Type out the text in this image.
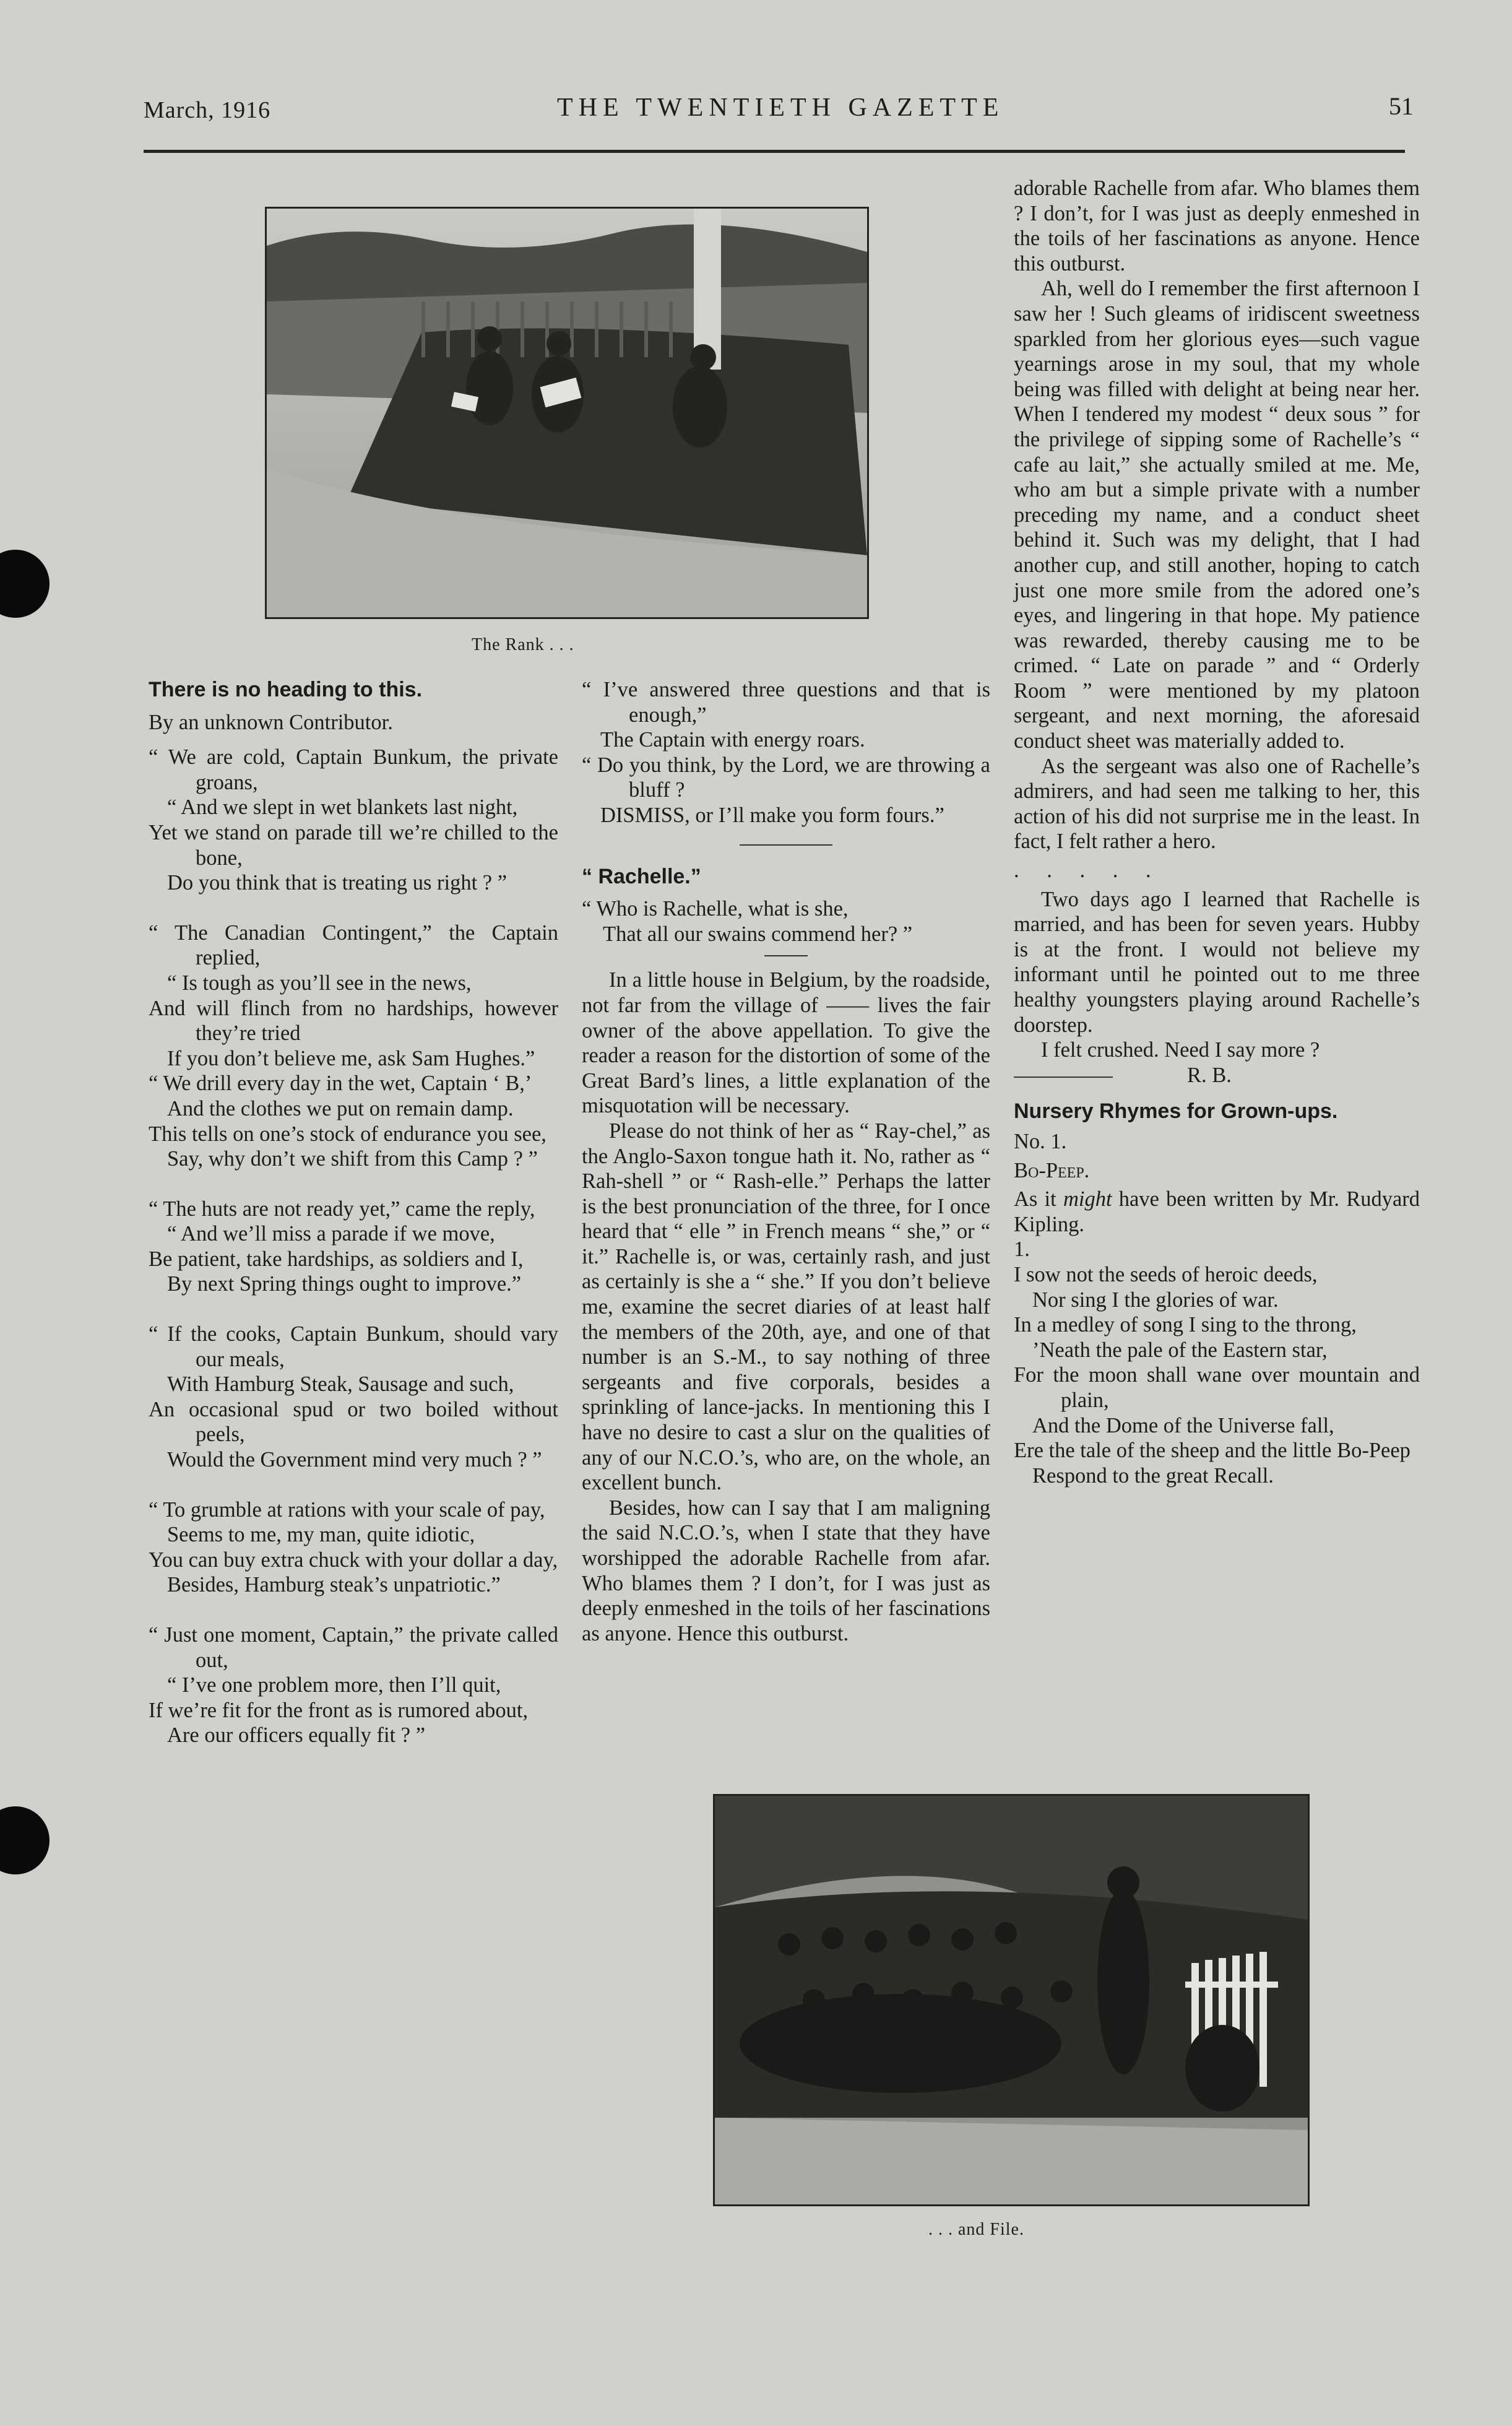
March, 1916	THE TWENTIETH GAZETTE	51
The Rank . . .

There is no heading to this.

By an unknown Contributor.

“ We are cold, Captain Bunkum, the private groans,

“ And we slept in wet blankets last night,

Yet we stand on parade till we’re chilled to the bone,

Do you think that is treating us right ? ”

“ The Canadian Contingent,” the Captain replied,

“ Is tough as you’ll see in the news,

And will flinch from no hardships, however they’re tried

If you don’t believe me, ask Sam Hughes.”

“ We drill every day in the wet, Captain ‘ B,’

And the clothes we put on remain damp.

This tells on one’s stock of endurance you see,

Say, why don’t we shift from this Camp ? ”

“ The huts are not ready yet,” came the reply,

“ And we’ll miss a parade if we move,

Be patient, take hardships, as soldiers and I,

By next Spring things ought to improve.”

“ If the cooks, Captain Bunkum, should vary our meals,

With Hamburg Steak, Sausage and such,

An occasional spud or two boiled without peels,

Would the Government mind very much ? ”

“ To grumble at rations with your scale of pay,

Seems to me, my man, quite idiotic,

You can buy extra chuck with your dollar a day,

Besides, Hamburg steak’s unpatriotic.”

“ Just one moment, Captain,” the private called out,

“ I’ve one problem more, then I’ll quit,

If we’re fit for the front as is rumored about,

Are our officers equally fit ? ”

“ I’ve answered three questions and that is enough,”

The Captain with energy roars.

“ Do you think, by the Lord, we are throwing a bluff ?

DISMISS, or I’ll make you form fours.”

“ Rachelle.”

“ Who is Rachelle, what is she,

That all our swains commend her? ”

In a little house in Belgium, by the roadside, not far from the village of —— lives the fair owner of the above appellation. To give the reader a reason for the distortion of some of the Great Bard’s lines, a little explanation of the misquotation will be necessary.

Please do not think of her as “ Ray-chel,” as the Anglo-Saxon tongue hath it. No, rather as “ Rah-shell ” or “ Rash-elle.” Perhaps the latter is the best pronunciation of the three, for I once heard that “ elle ” in French means “ she,” or “ it.” Rachelle is, or was, certainly rash, and just as certainly is she a “ she.” If you don’t believe me, examine the secret diaries of at least half the members of the 20th, aye, and one of that number is an S.-M., to say nothing of three sergeants and five corporals, besides a sprinkling of lance-jacks. In mentioning this I have no desire to cast a slur on the qualities of any of our N.C.O.’s, who are, on the whole, an excellent bunch.

Besides, how can I say that I am maligning the said N.C.O.’s, when I state that they have worshipped the adorable Rachelle from afar. Who blames them ? I don’t, for I was just as deeply enmeshed in the toils of her fascinations as anyone. Hence this outburst.

adorable Rachelle from afar. Who blames them ? I don’t, for I was just as deeply enmeshed in the toils of her fascinations as anyone. Hence this outburst.

Ah, well do I remember the first afternoon I saw her ! Such gleams of iridiscent sweetness sparkled from her glorious eyes—such vague yearnings arose in my soul, that my whole being was filled with delight at being near her. When I tendered my modest “ deux sous ” for the privilege of sipping some of Rachelle’s “ cafe au lait,” she actually smiled at me. Me, who am but a simple private with a number preceding my name, and a conduct sheet behind it. Such was my delight, that I had another cup, and still another, hoping to catch just one more smile from the adored one’s eyes, and lingering in that hope. My patience was rewarded, thereby causing me to be crimed. “ Late on parade ” and “ Orderly Room ” were mentioned by my platoon sergeant, and next morning, the aforesaid conduct sheet was materially added to.

As the sergeant was also one of Rachelle’s admirers, and had seen me talking to her, this action of his did not surprise me in the least. In fact, I felt rather a hero.

. . . . .

Two days ago I learned that Rachelle is married, and has been for seven years. Hubby is at the front. I would not believe my informant until he pointed out to me three healthy youngsters playing around Rachelle’s doorstep.

I felt crushed. Need I say more ?

R. B.

Nursery Rhymes for Grown-ups.

No. 1.

Bo-Peep.

As it might have been written by Mr. Rudyard Kipling.

1.

I sow not the seeds of heroic deeds,

Nor sing I the glories of war.

In a medley of song I sing to the throng,

’Neath the pale of the Eastern star,

For the moon shall wane over mountain and plain,

And the Dome of the Universe fall,

Ere the tale of the sheep and the little Bo-Peep

Respond to the great Recall.

. . . and File.
